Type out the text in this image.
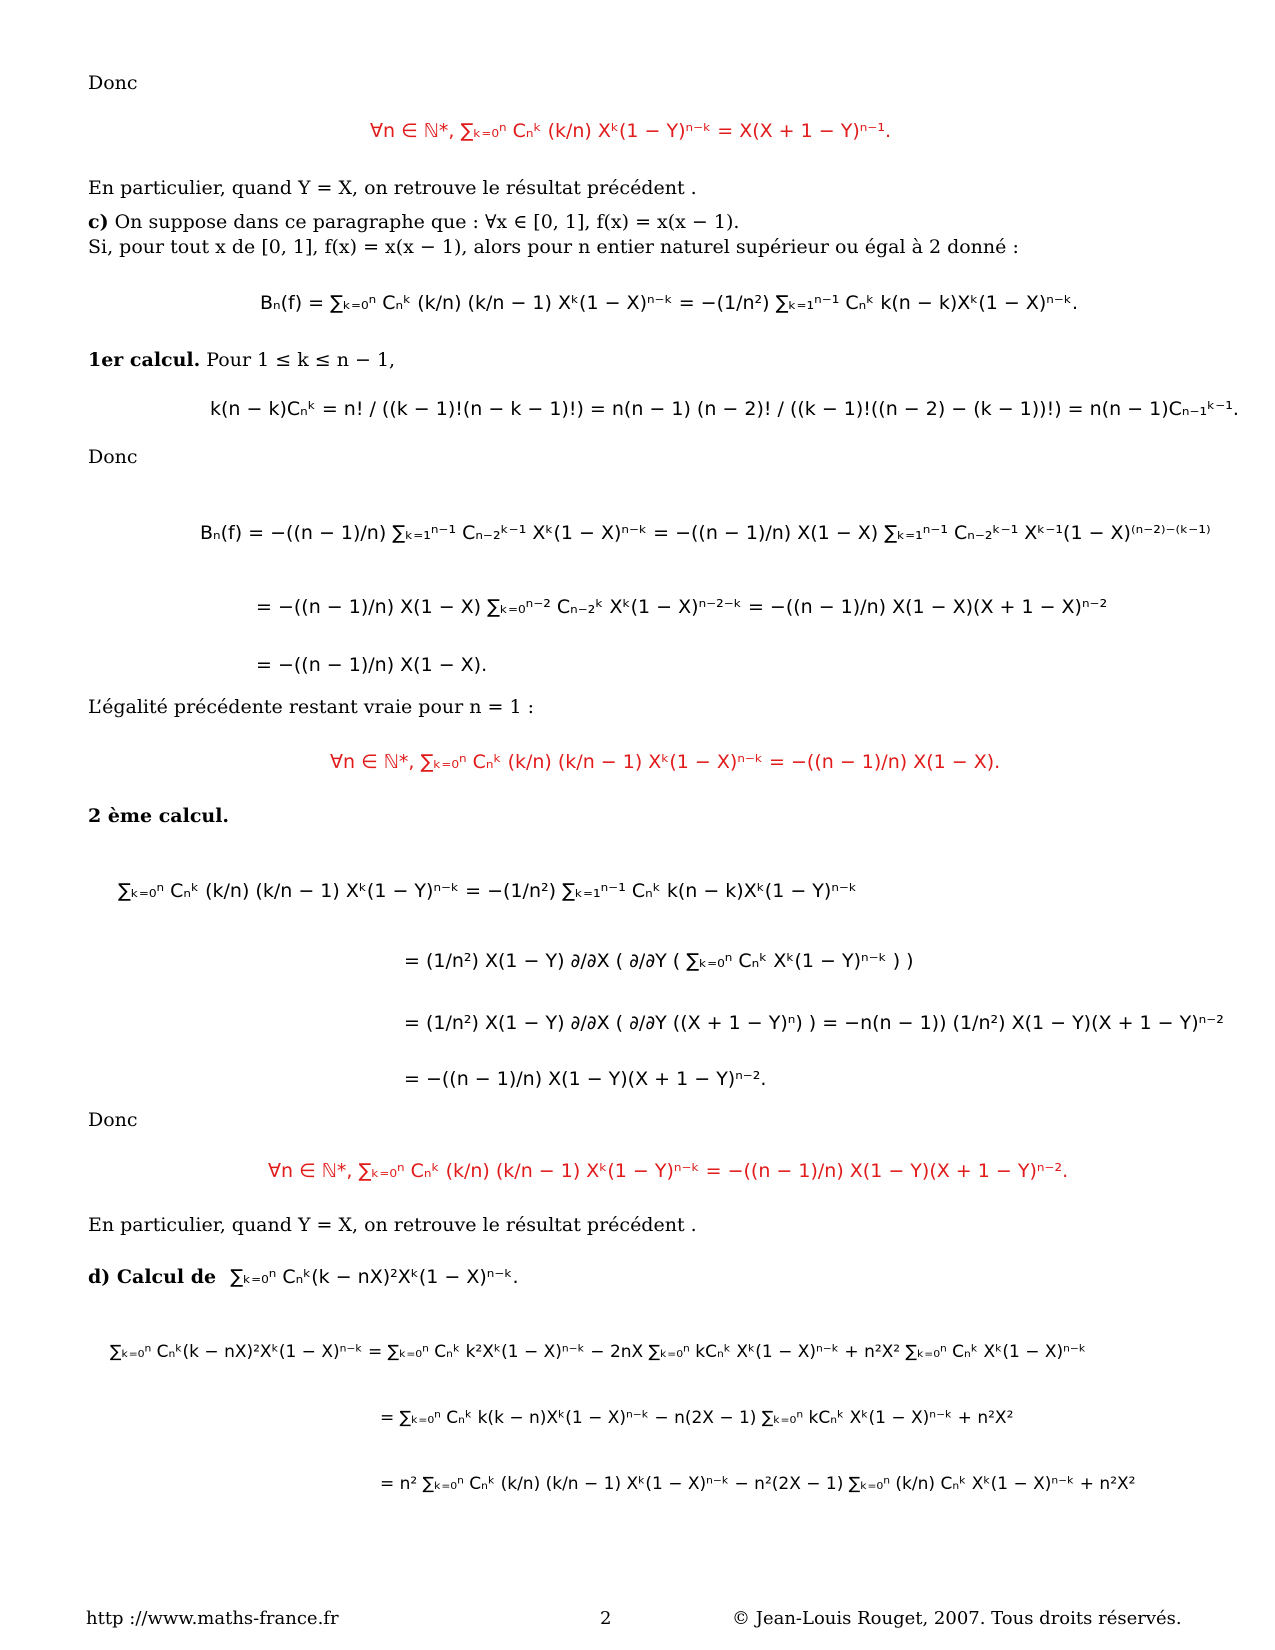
Donc
∀n ∈ ℕ*, ∑ₖ₌₀ⁿ Cₙᵏ (k/n) Xᵏ(1 − Y)ⁿ⁻ᵏ = X(X + 1 − Y)ⁿ⁻¹.
En particulier, quand Y = X, on retrouve le résultat précédent .
c) On suppose dans ce paragraphe que : ∀x ∈ [0, 1], f(x) = x(x − 1).
Si, pour tout x de [0, 1], f(x) = x(x − 1), alors pour n entier naturel supérieur ou égal à 2 donné :
Bₙ(f) = ∑ₖ₌₀ⁿ Cₙᵏ (k/n) (k/n − 1) Xᵏ(1 − X)ⁿ⁻ᵏ = −(1/n²) ∑ₖ₌₁ⁿ⁻¹ Cₙᵏ k(n − k)Xᵏ(1 − X)ⁿ⁻ᵏ.
1er calcul. Pour 1 ≤ k ≤ n − 1,
k(n − k)Cₙᵏ = n! / ((k − 1)!(n − k − 1)!) = n(n − 1) (n − 2)! / ((k − 1)!((n − 2) − (k − 1))!) = n(n − 1)Cₙ₋₁ᵏ⁻¹.
Donc
Bₙ(f) = −((n − 1)/n) ∑ₖ₌₁ⁿ⁻¹ Cₙ₋₂ᵏ⁻¹ Xᵏ(1 − X)ⁿ⁻ᵏ = −((n − 1)/n) X(1 − X) ∑ₖ₌₁ⁿ⁻¹ Cₙ₋₂ᵏ⁻¹ Xᵏ⁻¹(1 − X)⁽ⁿ⁻²⁾⁻⁽ᵏ⁻¹⁾
= −((n − 1)/n) X(1 − X) ∑ₖ₌₀ⁿ⁻² Cₙ₋₂ᵏ Xᵏ(1 − X)ⁿ⁻²⁻ᵏ = −((n − 1)/n) X(1 − X)(X + 1 − X)ⁿ⁻²
= −((n − 1)/n) X(1 − X).
L’égalité précédente restant vraie pour n = 1 :
∀n ∈ ℕ*, ∑ₖ₌₀ⁿ Cₙᵏ (k/n) (k/n − 1) Xᵏ(1 − X)ⁿ⁻ᵏ = −((n − 1)/n) X(1 − X).
2 ème calcul.
∑ₖ₌₀ⁿ Cₙᵏ (k/n) (k/n − 1) Xᵏ(1 − Y)ⁿ⁻ᵏ = −(1/n²) ∑ₖ₌₁ⁿ⁻¹ Cₙᵏ k(n − k)Xᵏ(1 − Y)ⁿ⁻ᵏ
= (1/n²) X(1 − Y) ∂/∂X ( ∂/∂Y ( ∑ₖ₌₀ⁿ Cₙᵏ Xᵏ(1 − Y)ⁿ⁻ᵏ ) )
= (1/n²) X(1 − Y) ∂/∂X ( ∂/∂Y ((X + 1 − Y)ⁿ) ) = −n(n − 1)) (1/n²) X(1 − Y)(X + 1 − Y)ⁿ⁻²
= −((n − 1)/n) X(1 − Y)(X + 1 − Y)ⁿ⁻².
Donc
∀n ∈ ℕ*, ∑ₖ₌₀ⁿ Cₙᵏ (k/n) (k/n − 1) Xᵏ(1 − Y)ⁿ⁻ᵏ = −((n − 1)/n) X(1 − Y)(X + 1 − Y)ⁿ⁻².
En particulier, quand Y = X, on retrouve le résultat précédent .
d) Calcul de ∑ₖ₌₀ⁿ Cₙᵏ(k − nX)²Xᵏ(1 − X)ⁿ⁻ᵏ.
∑ₖ₌₀ⁿ Cₙᵏ(k − nX)²Xᵏ(1 − X)ⁿ⁻ᵏ = ∑ₖ₌₀ⁿ Cₙᵏ k²Xᵏ(1 − X)ⁿ⁻ᵏ − 2nX ∑ₖ₌₀ⁿ kCₙᵏ Xᵏ(1 − X)ⁿ⁻ᵏ + n²X² ∑ₖ₌₀ⁿ Cₙᵏ Xᵏ(1 − X)ⁿ⁻ᵏ
= ∑ₖ₌₀ⁿ Cₙᵏ k(k − n)Xᵏ(1 − X)ⁿ⁻ᵏ − n(2X − 1) ∑ₖ₌₀ⁿ kCₙᵏ Xᵏ(1 − X)ⁿ⁻ᵏ + n²X²
= n² ∑ₖ₌₀ⁿ Cₙᵏ (k/n) (k/n − 1) Xᵏ(1 − X)ⁿ⁻ᵏ − n²(2X − 1) ∑ₖ₌₀ⁿ (k/n) Cₙᵏ Xᵏ(1 − X)ⁿ⁻ᵏ + n²X²
http ://www.maths-france.fr	2	© Jean-Louis Rouget, 2007. Tous droits réservés.
